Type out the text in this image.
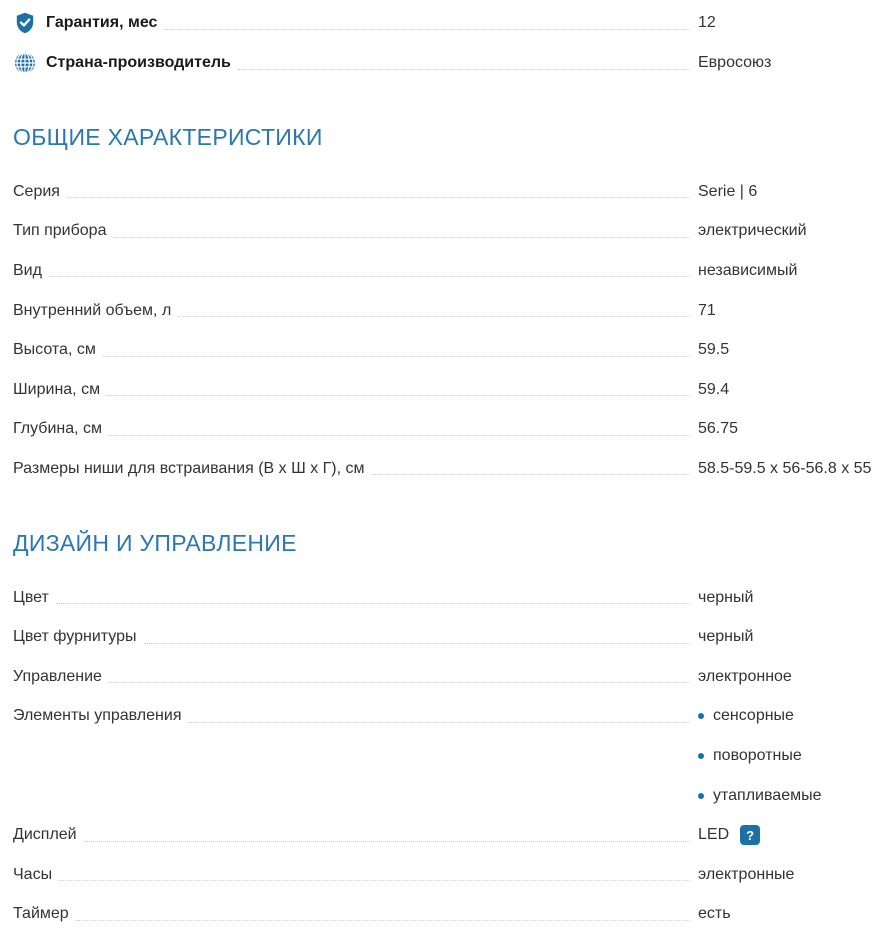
Гарантия, мес	12
Страна-производитель	Евросоюз
ОБЩИЕ ХАРАКТЕРИСТИКИ
Серия	Serie | 6
Тип прибора	электрический
Вид	независимый
Внутренний объем, л	71
Высота, см	59.5
Ширина, см	59.4
Глубина, см	56.75
Размеры ниши для встраивания (В х Ш х Г), см	58.5-59.5 x 56-56.8 x 55
ДИЗАЙН И УПРАВЛЕНИЕ
Цвет	черный
Цвет фурнитуры	черный
Управление	электронное
Элементы управления	сенсорные
поворотные
утапливаемые
Дисплей	LED	?
Часы	электронные
Таймер	есть
